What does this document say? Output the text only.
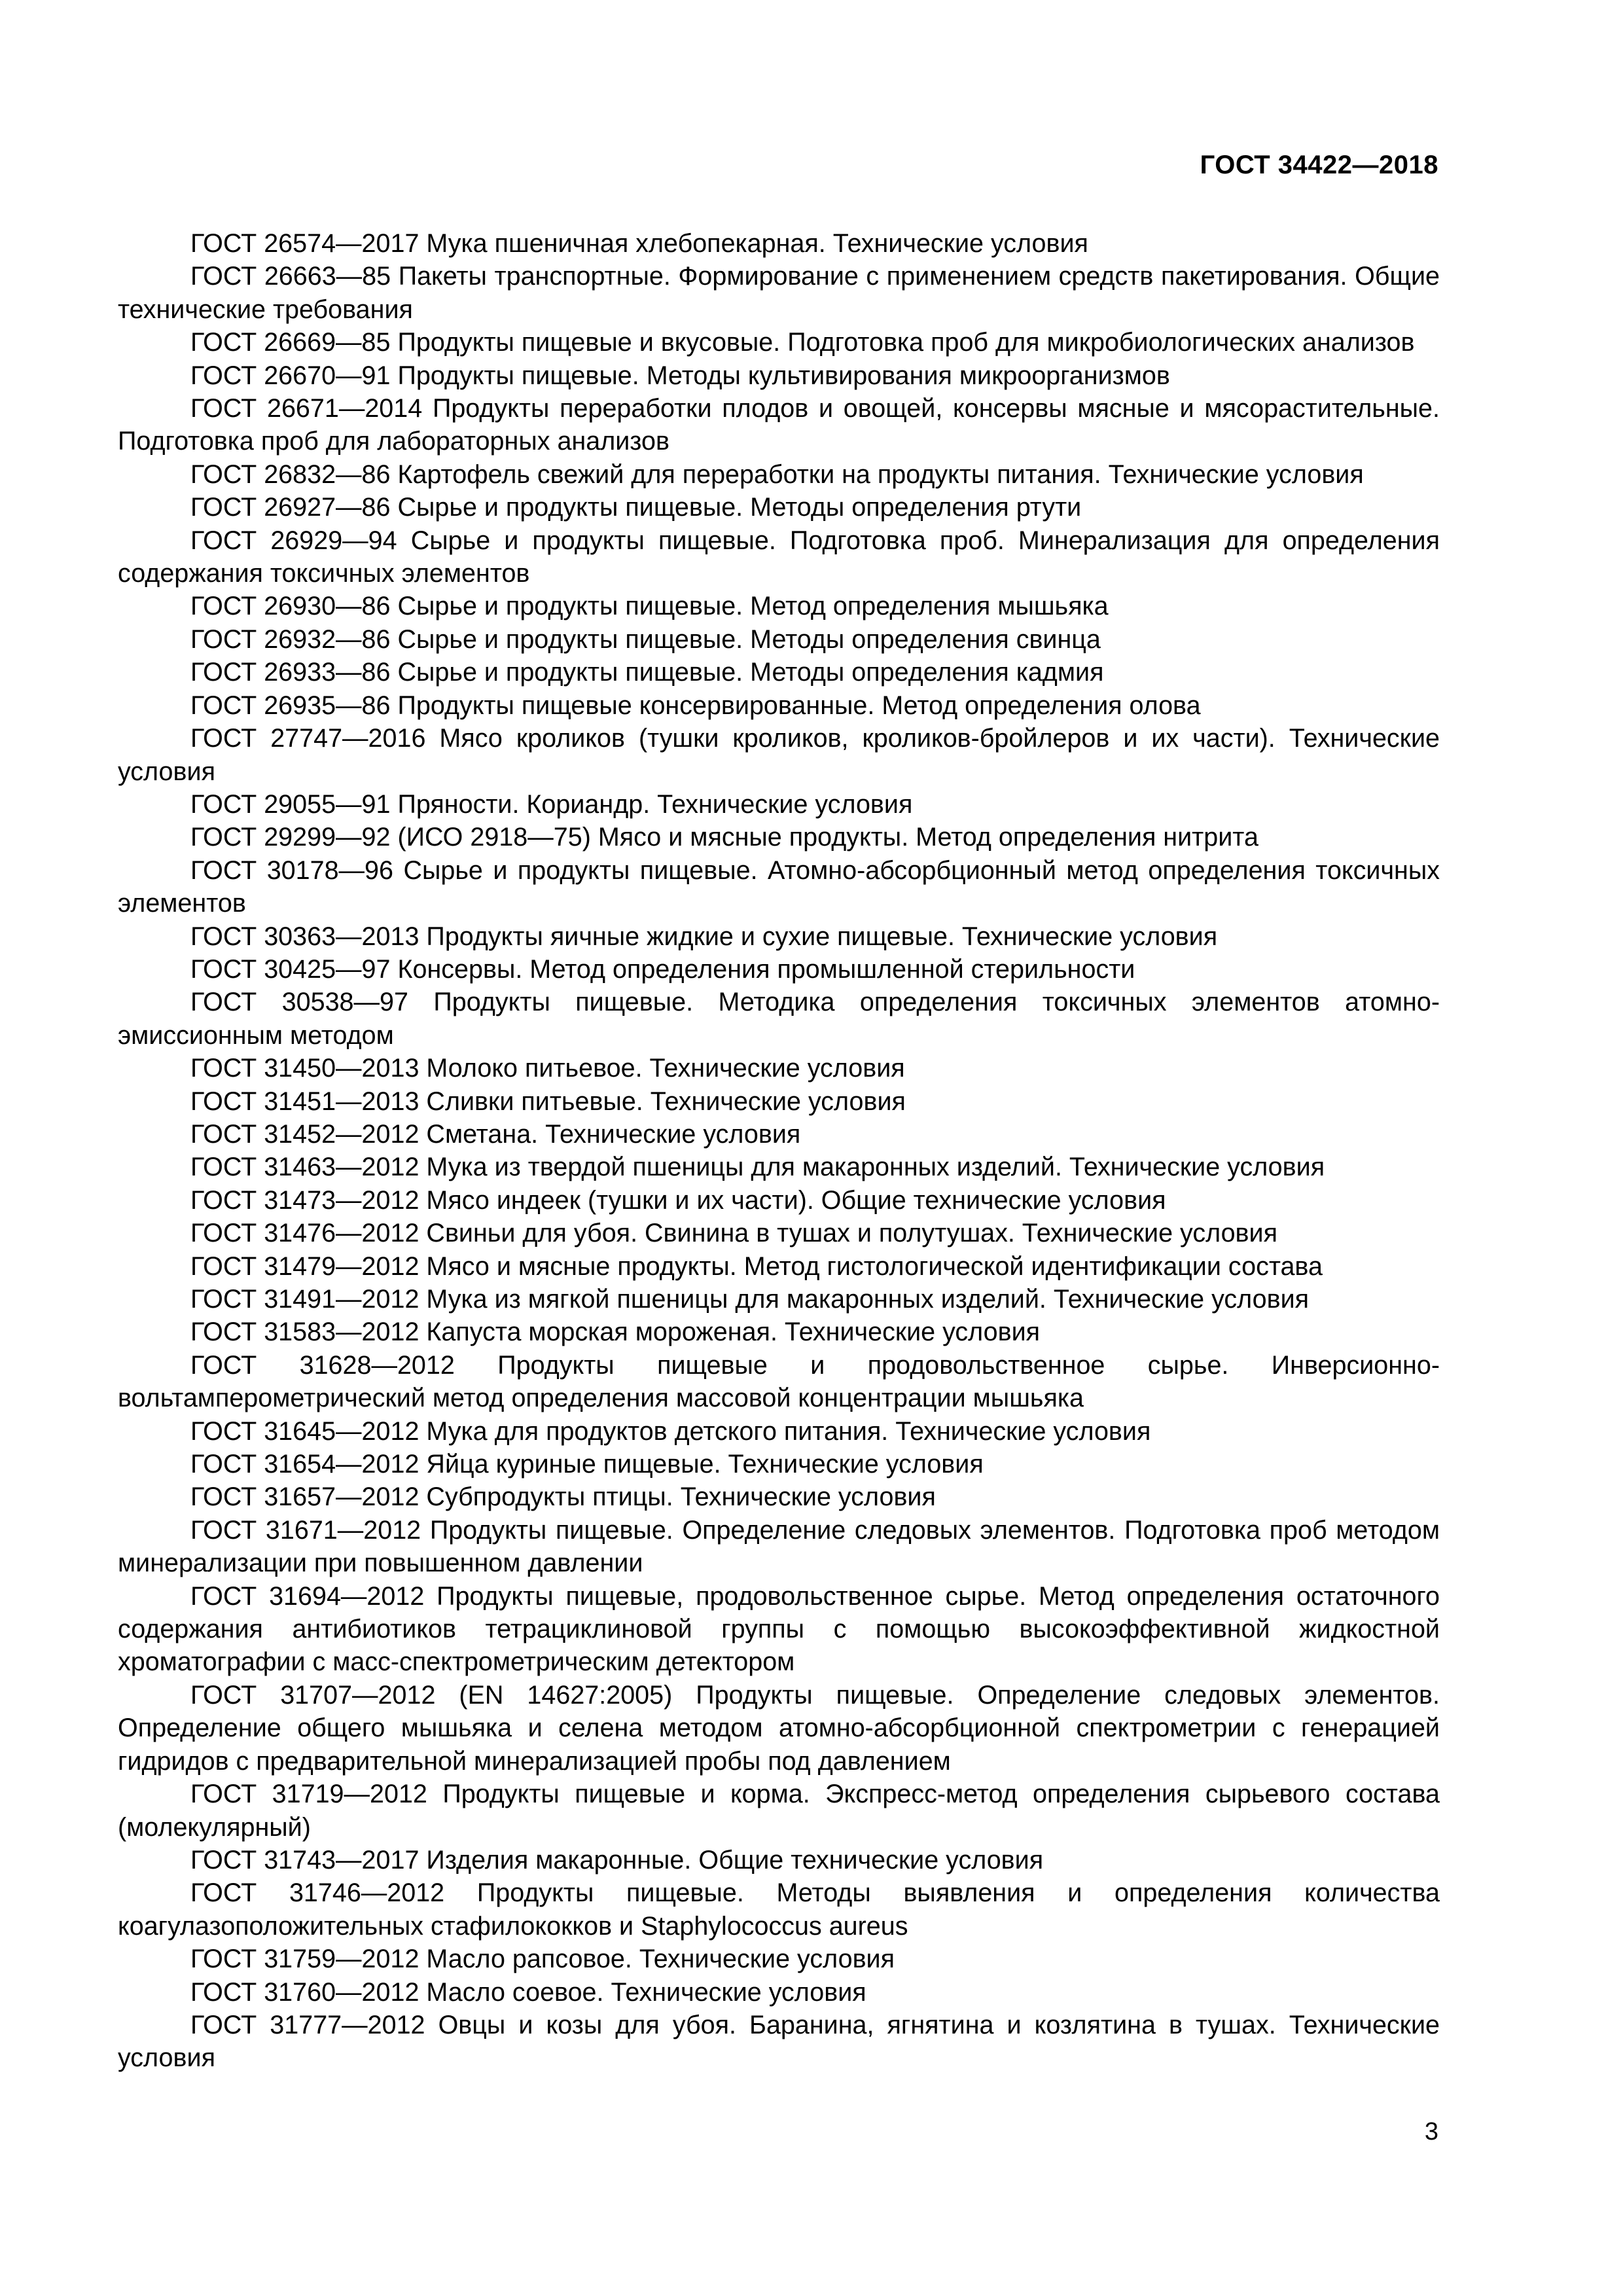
ГОСТ 34422—2018
ГОСТ 26574—2017 Мука пшеничная хлебопекарная. Технические условия
ГОСТ 26663—85 Пакеты транспортные. Формирование с применением средств пакетирования. Общие технические требования
ГОСТ 26669—85 Продукты пищевые и вкусовые. Подготовка проб для микробиологических анализов
ГОСТ 26670—91 Продукты пищевые. Методы культивирования микроорганизмов
ГОСТ 26671—2014 Продукты переработки плодов и овощей, консервы мясные и мясорастительные. Подготовка проб для лабораторных анализов
ГОСТ 26832—86 Картофель свежий для переработки на продукты питания. Технические условия
ГОСТ 26927—86 Сырье и продукты пищевые. Методы определения ртути
ГОСТ 26929—94 Сырье и продукты пищевые. Подготовка проб. Минерализация для определения содержания токсичных элементов
ГОСТ 26930—86 Сырье и продукты пищевые. Метод определения мышьяка
ГОСТ 26932—86 Сырье и продукты пищевые. Методы определения свинца
ГОСТ 26933—86 Сырье и продукты пищевые. Методы определения кадмия
ГОСТ 26935—86 Продукты пищевые консервированные. Метод определения олова
ГОСТ 27747—2016 Мясо кроликов (тушки кроликов, кроликов-бройлеров и их части). Технические условия
ГОСТ 29055—91 Пряности. Кориандр. Технические условия
ГОСТ 29299—92 (ИСО 2918—75) Мясо и мясные продукты. Метод определения нитрита
ГОСТ 30178—96 Сырье и продукты пищевые. Атомно-абсорбционный метод определения токсичных элементов
ГОСТ 30363—2013 Продукты яичные жидкие и сухие пищевые. Технические условия
ГОСТ 30425—97 Консервы. Метод определения промышленной стерильности
ГОСТ 30538—97 Продукты пищевые. Методика определения токсичных элементов атомно-эмиссионным методом
ГОСТ 31450—2013 Молоко питьевое. Технические условия
ГОСТ 31451—2013 Сливки питьевые. Технические условия
ГОСТ 31452—2012 Сметана. Технические условия
ГОСТ 31463—2012 Мука из твердой пшеницы для макаронных изделий. Технические условия
ГОСТ 31473—2012 Мясо индеек (тушки и их части). Общие технические условия
ГОСТ 31476—2012 Свиньи для убоя. Свинина в тушах и полутушах. Технические условия
ГОСТ 31479—2012 Мясо и мясные продукты. Метод гистологической идентификации состава
ГОСТ 31491—2012 Мука из мягкой пшеницы для макаронных изделий. Технические условия
ГОСТ 31583—2012 Капуста морская мороженая. Технические условия
ГОСТ 31628—2012 Продукты пищевые и продовольственное сырье. Инверсионно-вольтамперометрический метод определения массовой концентрации мышьяка
ГОСТ 31645—2012 Мука для продуктов детского питания. Технические условия
ГОСТ 31654—2012 Яйца куриные пищевые. Технические условия
ГОСТ 31657—2012 Субпродукты птицы. Технические условия
ГОСТ 31671—2012 Продукты пищевые. Определение следовых элементов. Подготовка проб методом минерализации при повышенном давлении
ГОСТ 31694—2012 Продукты пищевые, продовольственное сырье. Метод определения остаточного содержания антибиотиков тетрациклиновой группы с помощью высокоэффективной жидкостной хроматографии с масс-спектрометрическим детектором
ГОСТ 31707—2012 (EN 14627:2005) Продукты пищевые. Определение следовых элементов. Определение общего мышьяка и селена методом атомно-абсорбционной спектрометрии с генерацией гидридов с предварительной минерализацией пробы под давлением
ГОСТ 31719—2012 Продукты пищевые и корма. Экспресс-метод определения сырьевого состава (молекулярный)
ГОСТ 31743—2017 Изделия макаронные. Общие технические условия
ГОСТ 31746—2012 Продукты пищевые. Методы выявления и определения количества коагулазоположительных стафилококков и Staphylococcus aureus
ГОСТ 31759—2012 Масло рапсовое. Технические условия
ГОСТ 31760—2012 Масло соевое. Технические условия
ГОСТ 31777—2012 Овцы и козы для убоя. Баранина, ягнятина и козлятина в тушах. Технические условия
3
